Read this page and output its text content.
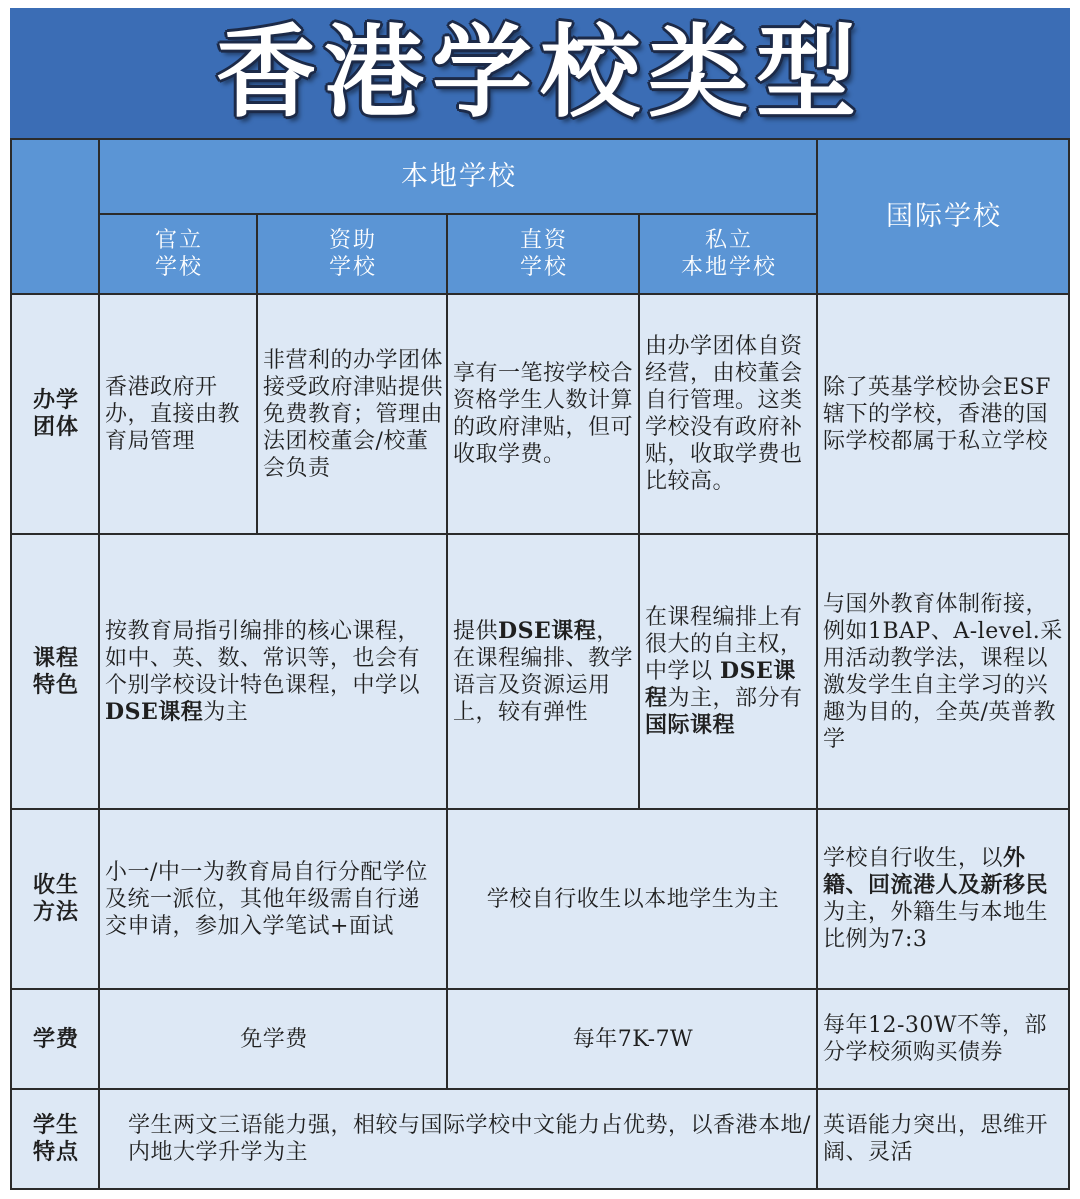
香港学校类型
本地学校
国际学校
官立
学校
资助
学校
直资
学校
私立
本地学校
办学
团体
香港政府开办，直接由教育局管理
非营利的办学团体接受政府津贴提供免费教育；管理由法团校董会/校董会负责
享有一笔按学校合资格学生人数计算的政府津贴，但可收取学费。
由办学团体自资经营，由校董会自行管理。这类学校没有政府补贴，收取学费也比较高。
除了英基学校协会ESF辖下的学校，香港的国际学校都属于私立学校
课程
特色
按教育局指引编排的核心课程，如中、英、数、常识等，也会有个别学校设计特色课程，中学以DSE课程为主
提供DSE课程，在课程编排、教学语言及资源运用上，较有弹性
在课程编排上有很大的自主权，中学以 DSE课程为主，部分有国际课程
与国外教育体制衔接，例如1BAP、A-level.采用活动教学法，课程以激发学生自主学习的兴趣为目的，全英/英普教学
收生
方法
小一/中一为教育局自行分配学位及统一派位，其他年级需自行递交申请，参加入学笔试+面试
学校自行收生以本地学生为主
学校自行收生，以外籍、回流港人及新移民为主，外籍生与本地生比例为7:3
学费	免学费	每年7K-7W
每年12-30W不等，部分学校须购买债券
学生
特点
学生两文三语能力强，相较与国际学校中文能力占优势，以香港本地/内地大学升学为主
英语能力突出，思维开阔、灵活
